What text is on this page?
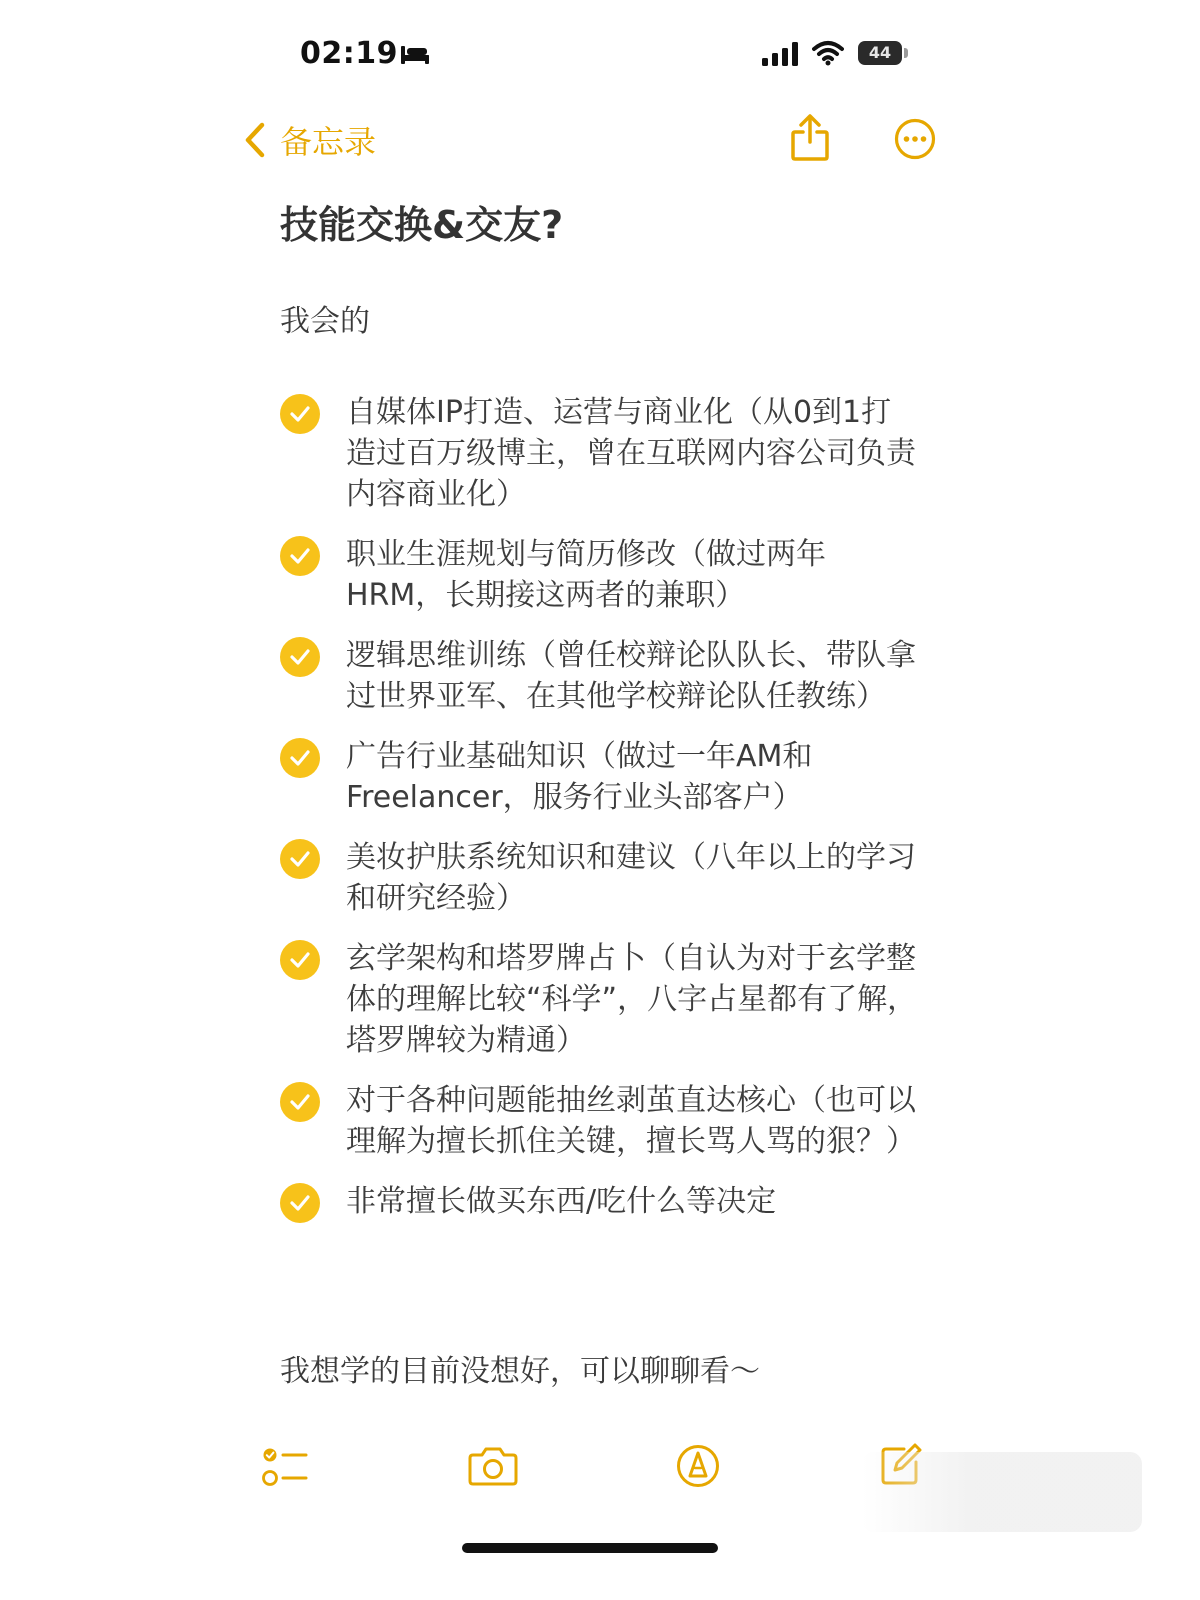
02:19	44
备忘录
技能交换&交友?
我会的
自媒体IP打造、运营与商业化（从0到1打造过百万级博主，曾在互联网内容公司负责内容商业化）
职业生涯规划与简历修改（做过两年HRM，长期接这两者的兼职）
逻辑思维训练（曾任校辩论队队长、带队拿过世界亚军、在其他学校辩论队任教练）
广告行业基础知识（做过一年AM和Freelancer，服务行业头部客户）
美妆护肤系统知识和建议（八年以上的学习和研究经验）
玄学架构和塔罗牌占卜（自认为对于玄学整体的理解比较“科学”，八字占星都有了解，塔罗牌较为精通）
对于各种问题能抽丝剥茧直达核心（也可以理解为擅长抓住关键，擅长骂人骂的狠？）
非常擅长做买东西/吃什么等决定
我想学的目前没想好，可以聊聊看～
